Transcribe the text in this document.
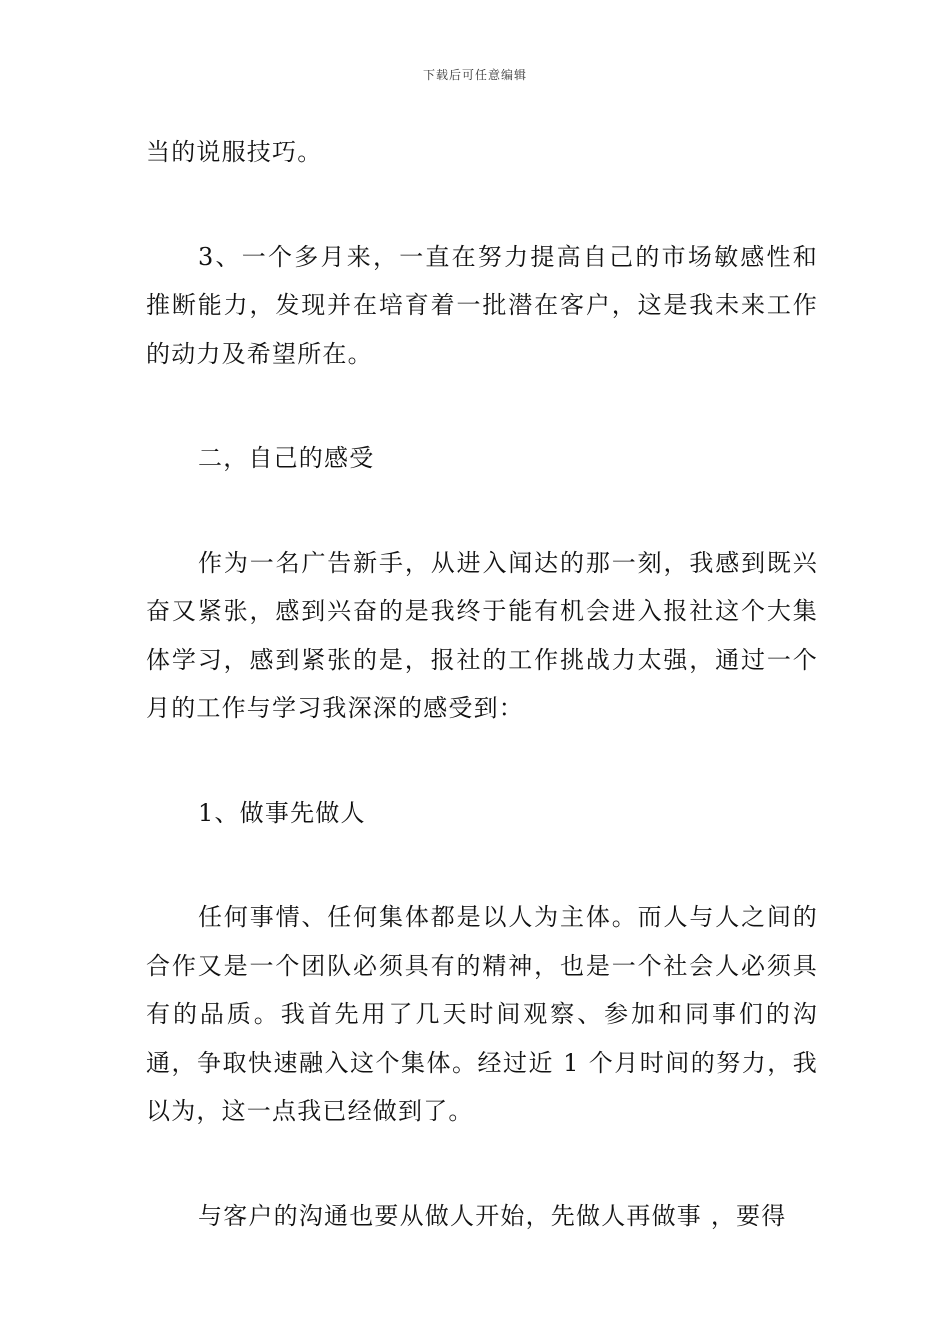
下载后可任意编辑

当的说服技巧。

3、一个多月来，一直在努力提高自己的市场敏感性和推断能力，发现并在培育着一批潜在客户，这是我未来工作的动力及希望所在。

二，自己的感受

作为一名广告新手，从进入闻达的那一刻，我感到既兴奋又紧张，感到兴奋的是我终于能有机会进入报社这个大集体学习，感到紧张的是，报社的工作挑战力太强，通过一个月的工作与学习我深深的感受到：

1、做事先做人

任何事情、任何集体都是以人为主体。而人与人之间的合作又是一个团队必须具有的精神，也是一个社会人必须具有的品质。我首先用了几天时间观察、参加和同事们的沟通，争取快速融入这个集体。经过近 1 个月时间的努力，我以为，这一点我已经做到了。

与客户的沟通也要从做人开始，先做人再做事 ，要得
